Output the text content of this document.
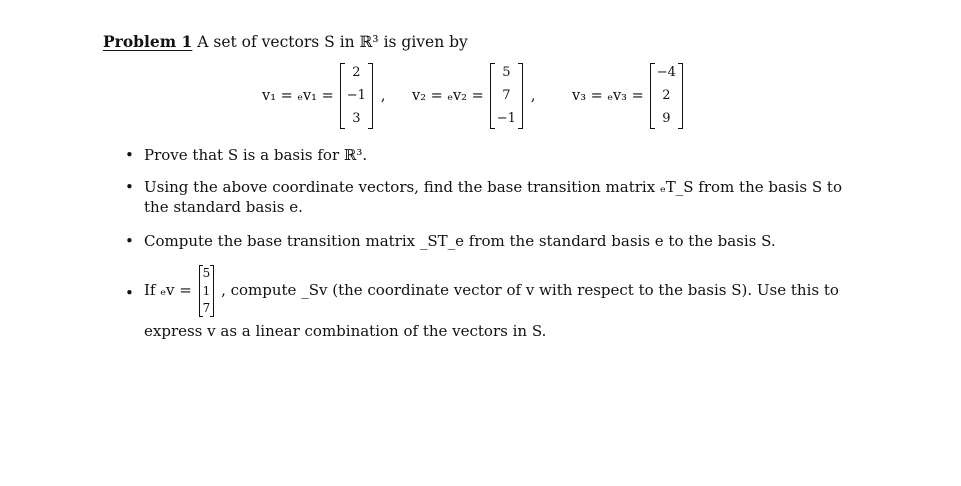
Problem 1 A set of vectors S in ℝ³ is given by
v₁ = ₑv₁ =
2
−1
3
, v₂ = ₑv₂ =
5
7
−1
,	v₃ = ₑv₃ =
−4
2
9
• Prove that S is a basis for ℝ³.
• Using the above coordinate vectors, find the base transition matrix ₑT_S from the basis S to the standard basis e.
• Compute the base transition matrix _ST_e from the standard basis e to the basis S.
• If ₑv =
5
1
7
, compute _Sv (the coordinate vector of v with respect to the basis S). Use this to
express v as a linear combination of the vectors in S.
